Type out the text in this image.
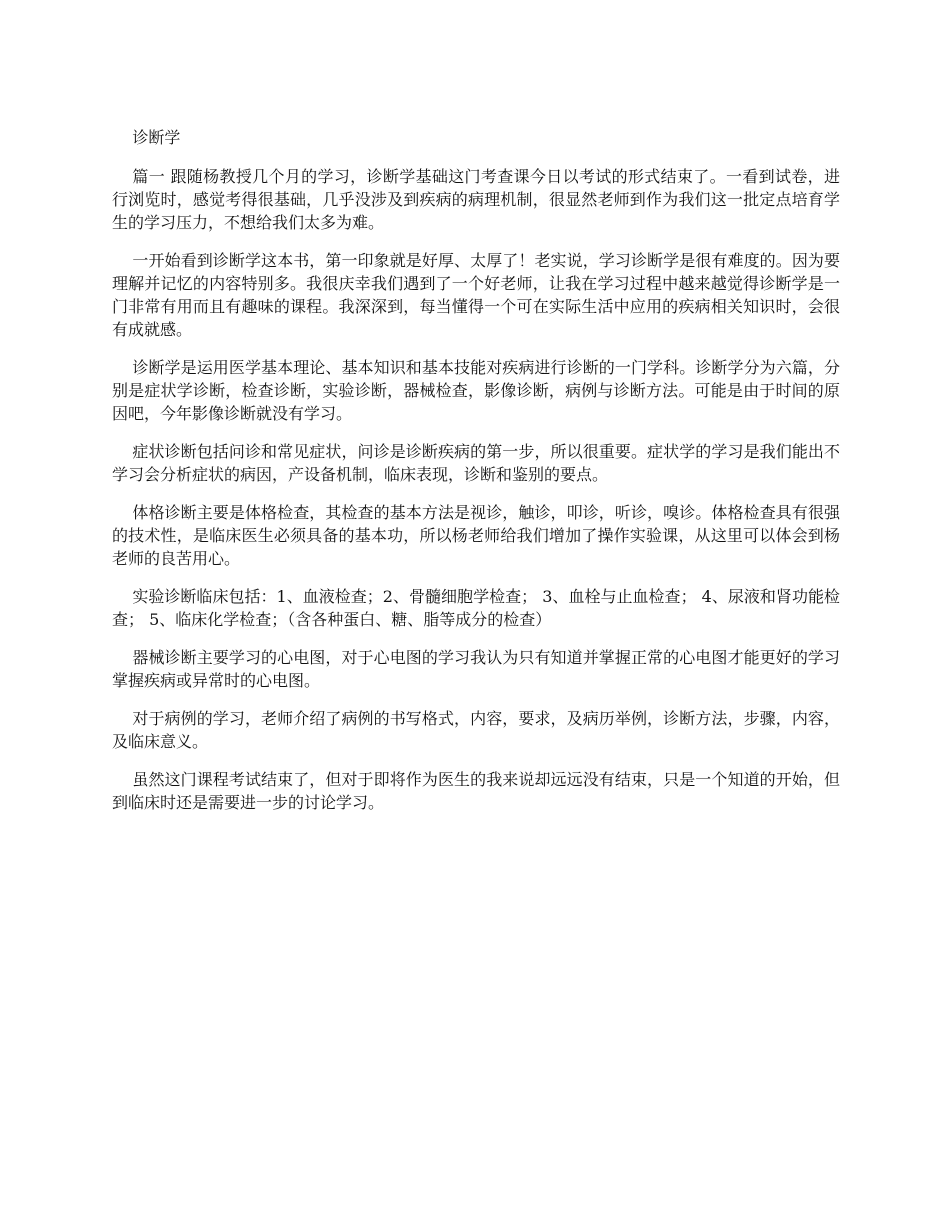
诊断学

篇一 跟随杨教授几个月的学习，诊断学基础这门考查课今日以考试的形式结束了。一看到试卷，进行浏览时，感觉考得很基础，几乎没涉及到疾病的病理机制，很显然老师到作为我们这一批定点培育学生的学习压力，不想给我们太多为难。

一开始看到诊断学这本书，第一印象就是好厚、太厚了！老实说，学习诊断学是很有难度的。因为要理解并记忆的内容特别多。我很庆幸我们遇到了一个好老师，让我在学习过程中越来越觉得诊断学是一门非常有用而且有趣味的课程。我深深到，每当懂得一个可在实际生活中应用的疾病相关知识时，会很有成就感。

诊断学是运用医学基本理论、基本知识和基本技能对疾病进行诊断的一门学科。诊断学分为六篇，分别是症状学诊断，检查诊断，实验诊断，器械检查，影像诊断，病例与诊断方法。可能是由于时间的原因吧，今年影像诊断就没有学习。

症状诊断包括问诊和常见症状，问诊是诊断疾病的第一步，所以很重要。症状学的学习是我们能出不学习会分析症状的病因，产设备机制，临床表现，诊断和鉴别的要点。

体格诊断主要是体格检查，其检查的基本方法是视诊，触诊，叩诊，听诊，嗅诊。体格检查具有很强的技术性，是临床医生必须具备的基本功，所以杨老师给我们增加了操作实验课，从这里可以体会到杨老师的良苦用心。

实验诊断临床包括：1、血液检查；2、骨髓细胞学检查； 3、血栓与止血检查； 4、尿液和肾功能检查； 5、临床化学检查；（含各种蛋白、糖、脂等成分的检查）

器械诊断主要学习的心电图，对于心电图的学习我认为只有知道并掌握正常的心电图才能更好的学习掌握疾病或异常时的心电图。

对于病例的学习，老师介绍了病例的书写格式，内容，要求，及病历举例，诊断方法，步骤，内容，及临床意义。

虽然这门课程考试结束了，但对于即将作为医生的我来说却远远没有结束，只是一个知道的开始，但到临床时还是需要进一步的讨论学习。
